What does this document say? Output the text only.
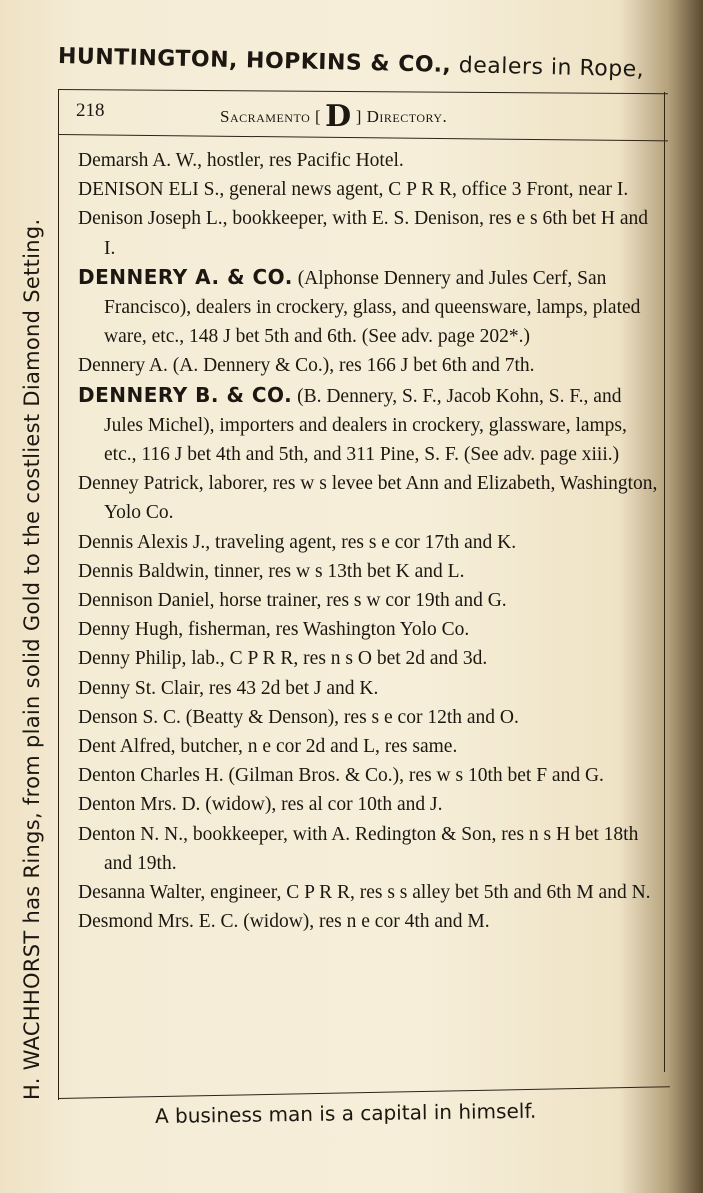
HUNTINGTON, HOPKINS & CO., dealers in Rope,
H. WACHHORST has Rings, from plain solid Gold to the costliest Diamond Setting.
218	Sacramento [ D ] Directory.
Demarsh A. W., hostler, res Pacific Hotel.
DENISON ELI S., general news agent, C P R R, office 3 Front, near I.
Denison Joseph L., bookkeeper, with E. S. Denison, res e s 6th bet H and I.
DENNERY A. & CO. (Alphonse Dennery and Jules Cerf, San Francisco), dealers in crockery, glass, and queensware, lamps, plated ware, etc., 148 J bet 5th and 6th. (See adv. page 202*.)
Dennery A. (A. Dennery & Co.), res 166 J bet 6th and 7th.
DENNERY B. & CO. (B. Dennery, S. F., Jacob Kohn, S. F., and Jules Michel), importers and dealers in crockery, glassware, lamps, etc., 116 J bet 4th and 5th, and 311 Pine, S. F. (See adv. page xiii.)
Denney Patrick, laborer, res w s levee bet Ann and Elizabeth, Washington, Yolo Co.
Dennis Alexis J., traveling agent, res s e cor 17th and K.
Dennis Baldwin, tinner, res w s 13th bet K and L.
Dennison Daniel, horse trainer, res s w cor 19th and G.
Denny Hugh, fisherman, res Washington Yolo Co.
Denny Philip, lab., C P R R, res n s O bet 2d and 3d.
Denny St. Clair, res 43 2d bet J and K.
Denson S. C. (Beatty & Denson), res s e cor 12th and O.
Dent Alfred, butcher, n e cor 2d and L, res same.
Denton Charles H. (Gilman Bros. & Co.), res w s 10th bet F and G.
Denton Mrs. D. (widow), res al cor 10th and J.
Denton N. N., bookkeeper, with A. Redington & Son, res n s H bet 18th and 19th.
Desanna Walter, engineer, C P R R, res s s alley bet 5th and 6th M and N.
Desmond Mrs. E. C. (widow), res n e cor 4th and M.
A business man is a capital in himself.
